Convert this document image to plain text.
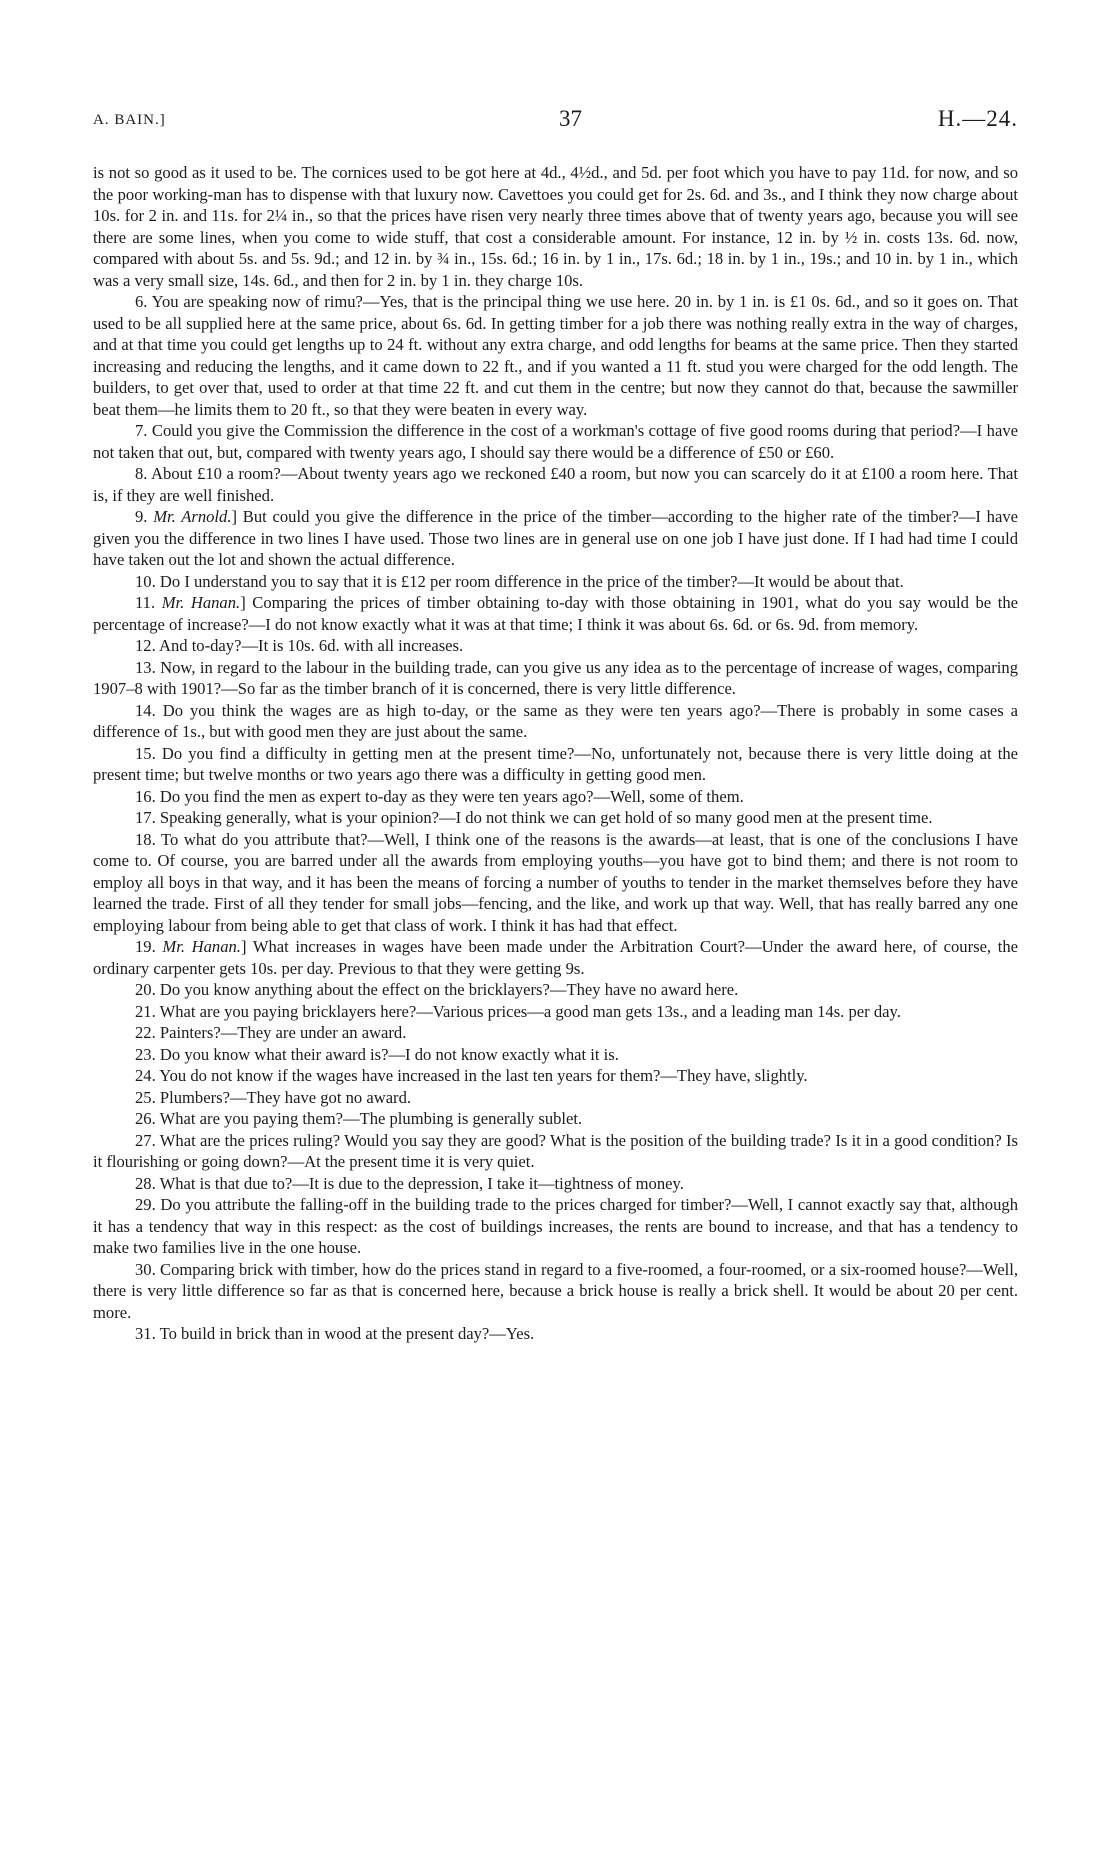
A. BAIN.]	37	H.—24.

is not so good as it used to be. The cornices used to be got here at 4d., 4½d., and 5d. per foot which you have to pay 11d. for now, and so the poor working-man has to dispense with that luxury now. Cavettoes you could get for 2s. 6d. and 3s., and I think they now charge about 10s. for 2 in. and 11s. for 2¼ in., so that the prices have risen very nearly three times above that of twenty years ago, because you will see there are some lines, when you come to wide stuff, that cost a considerable amount. For instance, 12 in. by ½ in. costs 13s. 6d. now, compared with about 5s. and 5s. 9d.; and 12 in. by ¾ in., 15s. 6d.; 16 in. by 1 in., 17s. 6d.; 18 in. by 1 in., 19s.; and 10 in. by 1 in., which was a very small size, 14s. 6d., and then for 2 in. by 1 in. they charge 10s.

6. You are speaking now of rimu?—Yes, that is the principal thing we use here. 20 in. by 1 in. is £1 0s. 6d., and so it goes on. That used to be all supplied here at the same price, about 6s. 6d. In getting timber for a job there was nothing really extra in the way of charges, and at that time you could get lengths up to 24 ft. without any extra charge, and odd lengths for beams at the same price. Then they started increasing and reducing the lengths, and it came down to 22 ft., and if you wanted a 11 ft. stud you were charged for the odd length. The builders, to get over that, used to order at that time 22 ft. and cut them in the centre; but now they cannot do that, because the sawmiller beat them—he limits them to 20 ft., so that they were beaten in every way.

7. Could you give the Commission the difference in the cost of a workman's cottage of five good rooms during that period?—I have not taken that out, but, compared with twenty years ago, I should say there would be a difference of £50 or £60.

8. About £10 a room?—About twenty years ago we reckoned £40 a room, but now you can scarcely do it at £100 a room here. That is, if they are well finished.

9. Mr. Arnold.] But could you give the difference in the price of the timber—according to the higher rate of the timber?—I have given you the difference in two lines I have used. Those two lines are in general use on one job I have just done. If I had had time I could have taken out the lot and shown the actual difference.

10. Do I understand you to say that it is £12 per room difference in the price of the timber?—It would be about that.

11. Mr. Hanan.] Comparing the prices of timber obtaining to-day with those obtaining in 1901, what do you say would be the percentage of increase?—I do not know exactly what it was at that time; I think it was about 6s. 6d. or 6s. 9d. from memory.

12. And to-day?—It is 10s. 6d. with all increases.

13. Now, in regard to the labour in the building trade, can you give us any idea as to the percentage of increase of wages, comparing 1907–8 with 1901?—So far as the timber branch of it is concerned, there is very little difference.

14. Do you think the wages are as high to-day, or the same as they were ten years ago?—There is probably in some cases a difference of 1s., but with good men they are just about the same.

15. Do you find a difficulty in getting men at the present time?—No, unfortunately not, because there is very little doing at the present time; but twelve months or two years ago there was a difficulty in getting good men.

16. Do you find the men as expert to-day as they were ten years ago?—Well, some of them.

17. Speaking generally, what is your opinion?—I do not think we can get hold of so many good men at the present time.

18. To what do you attribute that?—Well, I think one of the reasons is the awards—at least, that is one of the conclusions I have come to. Of course, you are barred under all the awards from employing youths—you have got to bind them; and there is not room to employ all boys in that way, and it has been the means of forcing a number of youths to tender in the market themselves before they have learned the trade. First of all they tender for small jobs—fencing, and the like, and work up that way. Well, that has really barred any one employing labour from being able to get that class of work. I think it has had that effect.

19. Mr. Hanan.] What increases in wages have been made under the Arbitration Court?—Under the award here, of course, the ordinary carpenter gets 10s. per day. Previous to that they were getting 9s.

20. Do you know anything about the effect on the bricklayers?—They have no award here.

21. What are you paying bricklayers here?—Various prices—a good man gets 13s., and a leading man 14s. per day.

22. Painters?—They are under an award.

23. Do you know what their award is?—I do not know exactly what it is.

24. You do not know if the wages have increased in the last ten years for them?—They have, slightly.

25. Plumbers?—They have got no award.

26. What are you paying them?—The plumbing is generally sublet.

27. What are the prices ruling? Would you say they are good? What is the position of the building trade? Is it in a good condition? Is it flourishing or going down?—At the present time it is very quiet.

28. What is that due to?—It is due to the depression, I take it—tightness of money.

29. Do you attribute the falling-off in the building trade to the prices charged for timber?—Well, I cannot exactly say that, although it has a tendency that way in this respect: as the cost of buildings increases, the rents are bound to increase, and that has a tendency to make two families live in the one house.

30. Comparing brick with timber, how do the prices stand in regard to a five-roomed, a four-roomed, or a six-roomed house?—Well, there is very little difference so far as that is concerned here, because a brick house is really a brick shell. It would be about 20 per cent. more.

31. To build in brick than in wood at the present day?—Yes.
